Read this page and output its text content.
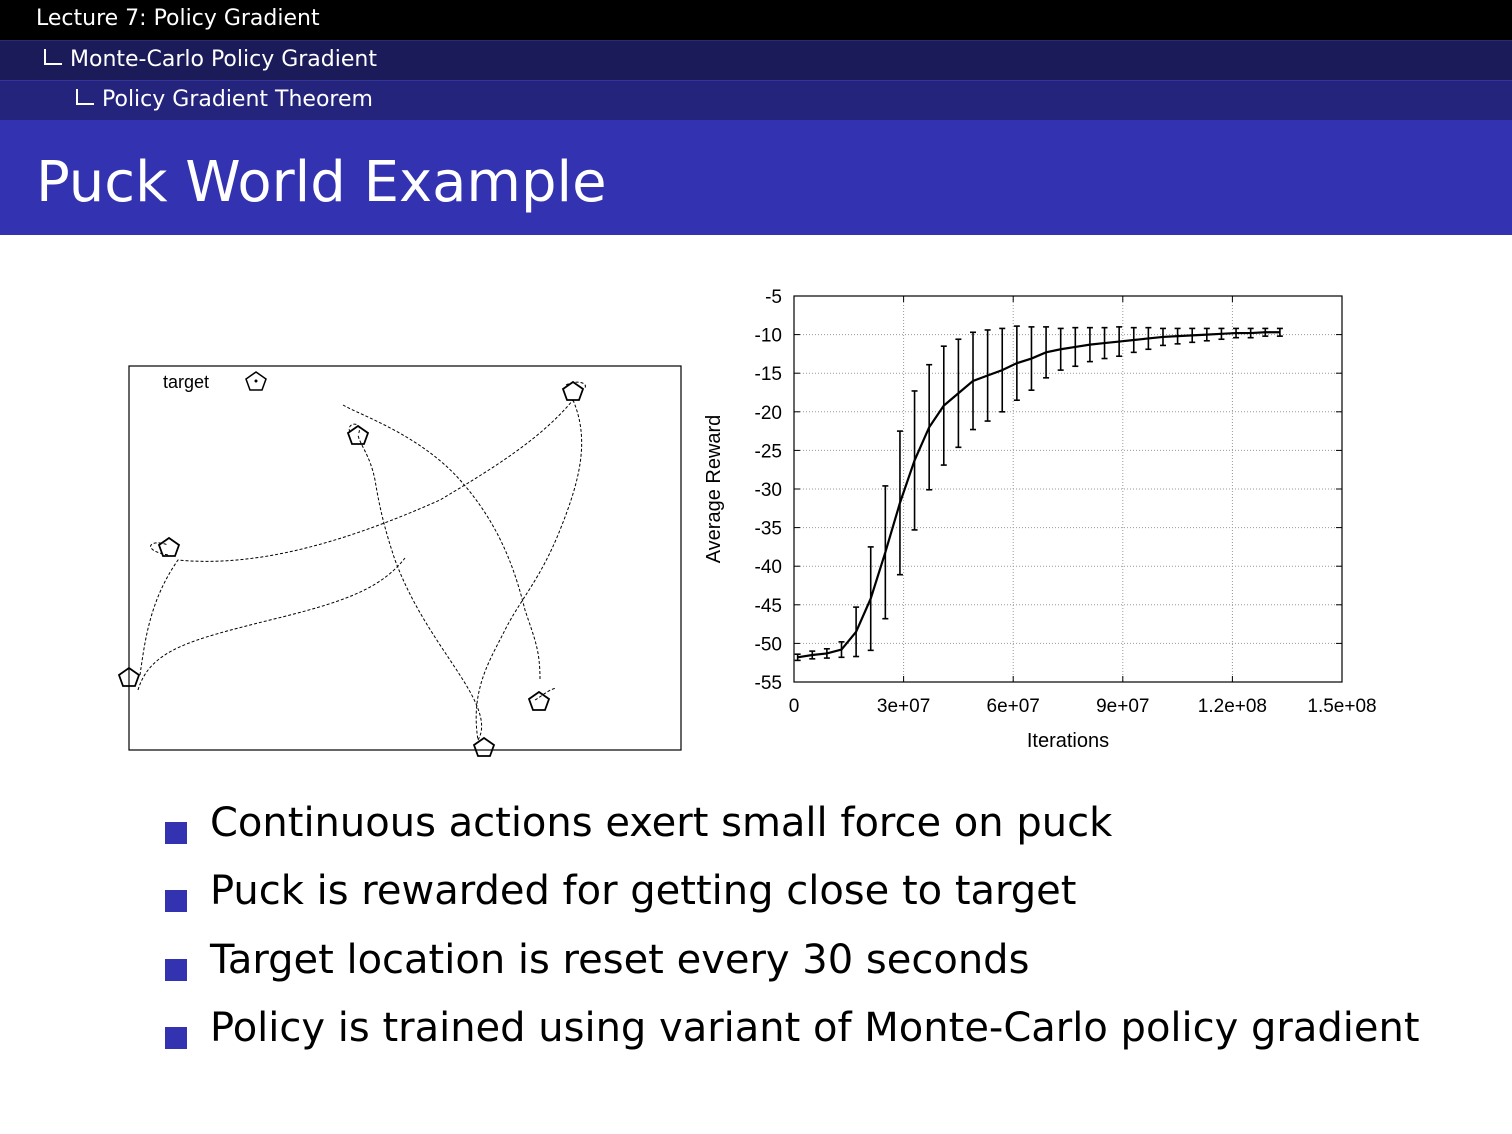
Lecture 7: Policy Gradient
Monte-Carlo Policy Gradient
Policy Gradient Theorem
Puck World Example
target
0	3e+07	6e+07	9e+07	1.2e+08 1.5e+08
-5
-10
-15
-20
-25
-30
-35
-40
-45
-50
-55
Iterations
Average Reward
Continuous actions exert small force on puck
Puck is rewarded for getting close to target
Target location is reset every 30 seconds
Policy is trained using variant of Monte-Carlo policy gradient
